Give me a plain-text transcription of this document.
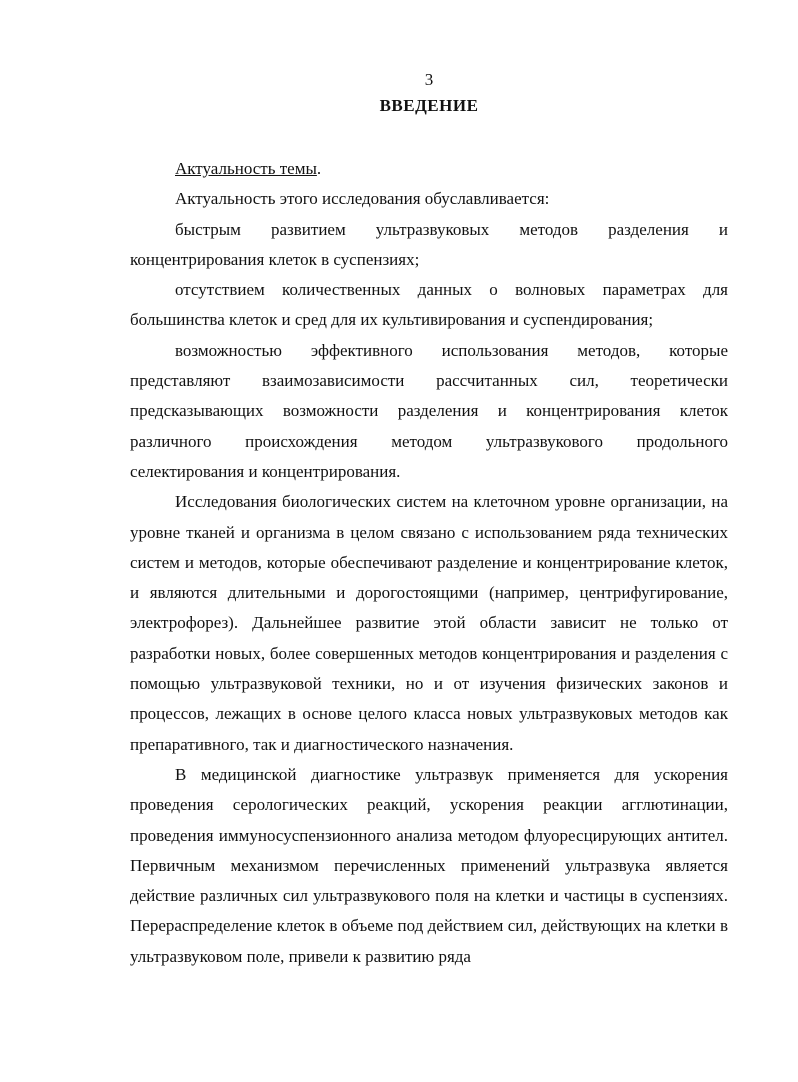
3
ВВЕДЕНИЕ

Актуальность темы.

Актуальность этого исследования обуславливается:

быстрым развитием ультразвуковых методов разделения и концентрирования клеток в суспензиях;

отсутствием количественных данных о волновых параметрах для большинства клеток и сред для их культивирования и суспендирования;

возможностью эффективного использования методов, которые представляют взаимозависимости рассчитанных сил, теоретически предсказывающих возможности разделения и концентрирования клеток различного происхождения методом ультразвукового продольного селектирования и концентрирования.

Исследования биологических систем на клеточном уровне организации, на уровне тканей и организма в целом связано с использованием ряда технических систем и методов, которые обеспечивают разделение и концентрирование клеток, и являются длительными и дорогостоящими (например, центрифугирование, электрофорез). Дальнейшее развитие этой области зависит не только от разработки новых, более совершенных методов концентрирования и разделения с помощью ультразвуковой техники, но и от изучения физических законов и процессов, лежащих в основе целого класса новых ультразвуковых методов как препаративного, так и диагностического назначения.

В медицинской диагностике ультразвук применяется для ускорения проведения серологических реакций, ускорения реакции агглютинации, проведения иммуносуспензионного анализа методом флуоресцирующих антител. Первичным механизмом перечисленных применений ультразвука является действие различных сил ультразвукового поля на клетки и частицы в суспензиях. Перераспределение клеток в объеме под действием сил, действующих на клетки в ультразвуковом поле, привели к развитию ряда
